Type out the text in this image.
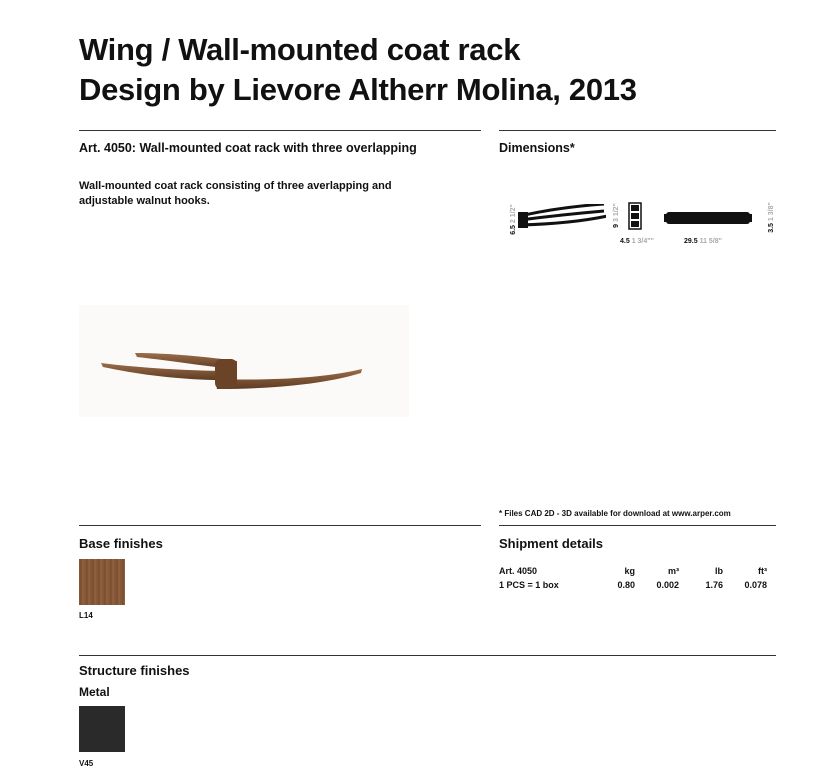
Wing / Wall-mounted coat rack
Design by Lievore Altherr Molina, 2013
Art. 4050: Wall-mounted coat rack with three overlapping
Wall-mounted coat rack consisting of three averlapping and
adjustable walnut hooks.
Dimensions*
6.5 2 1/2"
9 3 1/2"
3.5 1 3/8"
4.5 1 3/4""	29.5 11 5/8"
* Files CAD 2D - 3D available for download at www.arper.com
Base finishes
L14
Shipment details
Art. 4050	kg	m³	lb	ft³
1 PCS = 1 box	0.80	0.002	1.76	0.078
Structure finishes
Metal
V45
